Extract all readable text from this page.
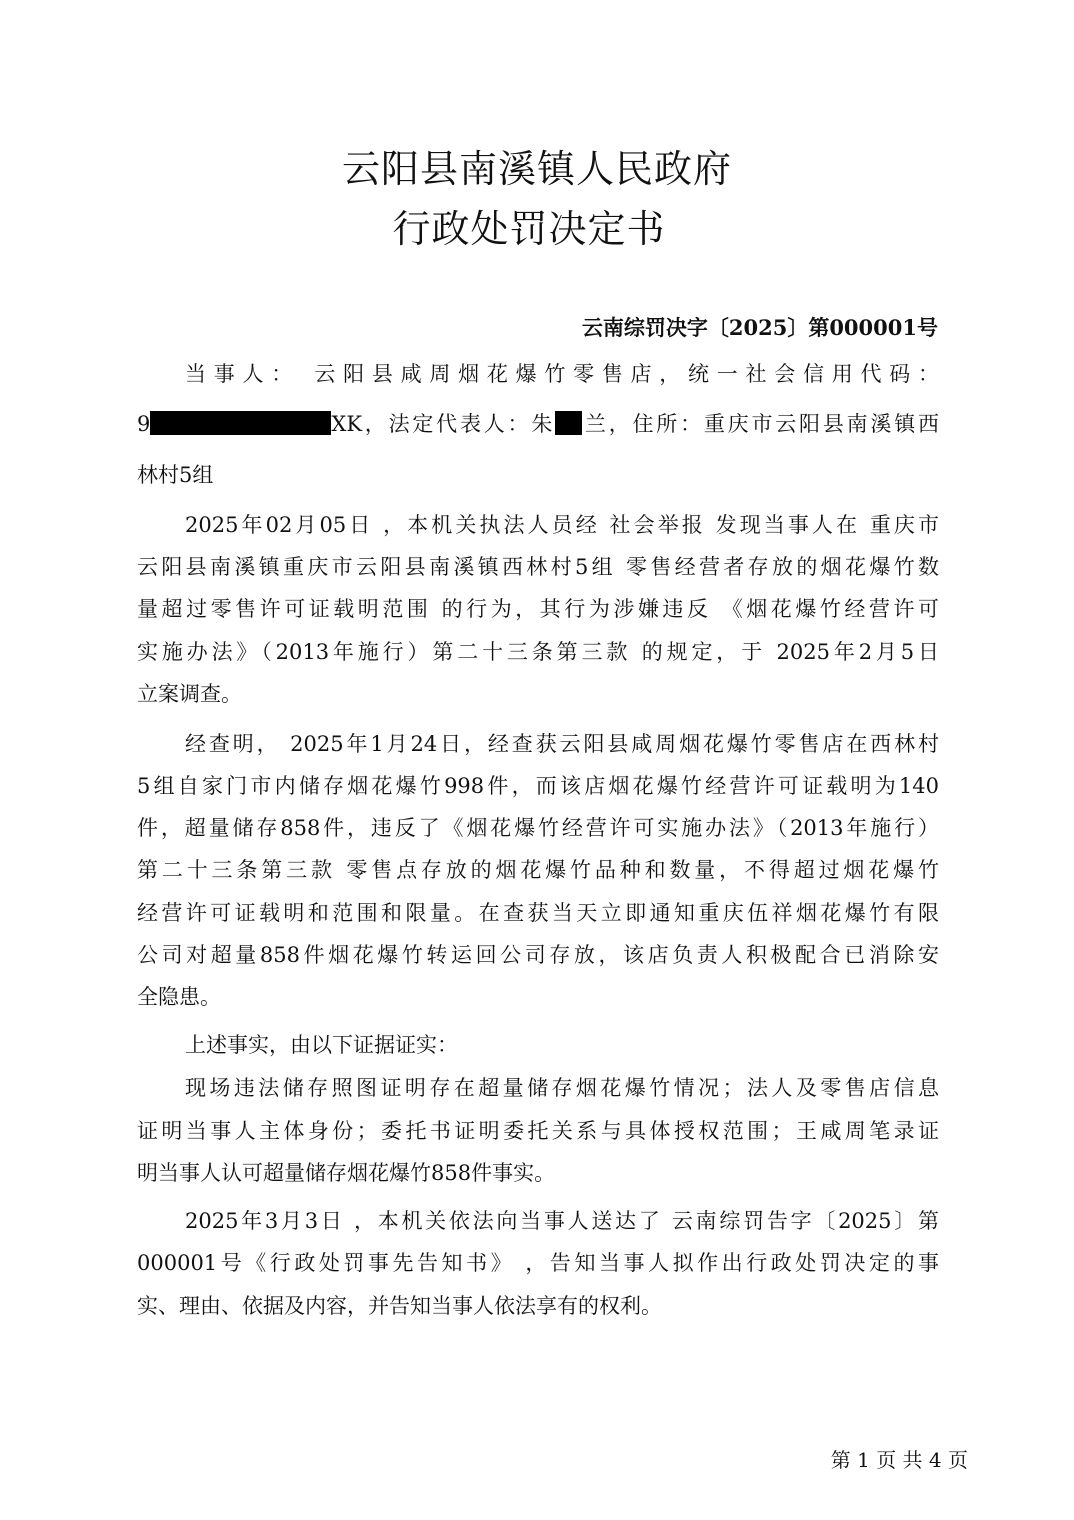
云阳县南溪镇人民政府
行政处罚决定书
云南综罚决字〔2025〕第000001号
当事人： 云阳县咸周烟花爆竹零售店，统一社会信用代码：
9	XK，法定代表人：朱 兰，住所：重庆市云阳县南溪镇西
林村5组
2025年02月05日 ，本机关执法人员经 社会举报 发现当事人在 重庆市
云阳县南溪镇重庆市云阳县南溪镇西林村5组 零售经营者存放的烟花爆竹数
量超过零售许可证载明范围 的行为，其行为涉嫌违反 《烟花爆竹经营许可
实施办法》（2013年施行）第二十三条第三款 的规定，于 2025年2月5日
立案调查。
经查明， 2025年1月24日，经查获云阳县咸周烟花爆竹零售店在西林村
5组自家门市内储存烟花爆竹998件，而该店烟花爆竹经营许可证载明为140
件，超量储存858件，违反了《烟花爆竹经营许可实施办法》（2013年施行）
第二十三条第三款 零售点存放的烟花爆竹品种和数量，不得超过烟花爆竹
经营许可证载明和范围和限量。在查获当天立即通知重庆伍祥烟花爆竹有限
公司对超量858件烟花爆竹转运回公司存放，该店负责人积极配合已消除安
全隐患。
上述事实，由以下证据证实：
现场违法储存照图证明存在超量储存烟花爆竹情况；法人及零售店信息
证明当事人主体身份；委托书证明委托关系与具体授权范围；王咸周笔录证
明当事人认可超量储存烟花爆竹858件事实。
2025年3月3日 ，本机关依法向当事人送达了 云南综罚告字〔2025〕第
000001号《行政处罚事先告知书》 ，告知当事人拟作出行政处罚决定的事
实、理由、依据及内容，并告知当事人依法享有的权利。
第 1 页 共 4 页
